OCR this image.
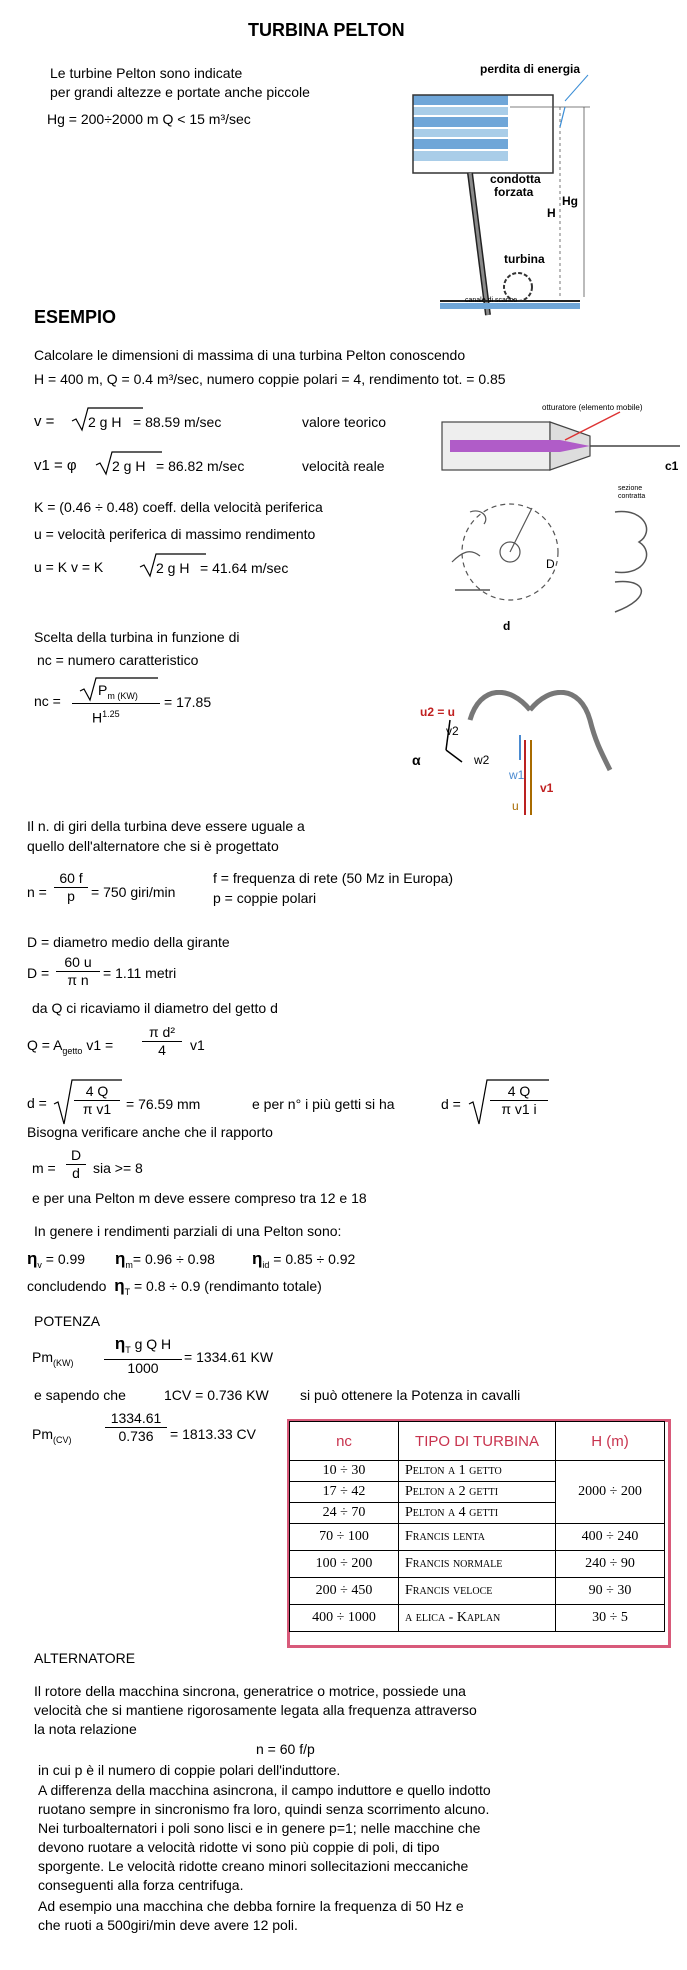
TURBINA PELTON
Le turbine Pelton sono indicate
per grandi altezze e portate anche piccole
Hg = 200÷2000 m Q < 15 m³/sec
perdita di energia
condotta
forzata
Hg
H
turbina
canale di scarico
ESEMPIO
Calcolare le dimensioni di massima di una turbina Pelton conoscendo
H = 400 m, Q = 0.4 m³/sec, numero coppie polari = 4, rendimento tot. = 0.85
v = 2 g H = 88.59 m/sec	valore teorico
v1 = φ	2 g H = 86.82 m/sec	velocità reale
K = (0.46 ÷ 0.48) coeff. della velocità periferica
u = velocità periferica di massimo rendimento
u = K v = K	2 g H = 41.64 m/sec
otturatore (elemento mobile)
c1
sezione
contratta
D
d
Scelta della turbina in funzione di
nc = numero caratteristico
nc =
$P_{m (KW)}$
$H^{1.25}$
= 17.85
u2 = u
v2
α	w2
w1
v1
u
Il n. di giri della turbina deve essere uguale a
quello dell'alternatore che si è progettato
$n = \frac{60 f}{p} = 750$ giri/min
f = frequenza di rete (50 Mz in Europa)
p = coppie polari
D = diametro medio della girante
$D = \frac{60 u}{\text{π n}} = 1.11$ metri
da Q ci ricaviamo il diametro del getto d
$Q = A_{getto}$ $v1 = \frac{\text{π d²}}{4} v1$
$d = \frac{4 Q}{\text{π v1}} = 76.59$ mm	e per n° i più getti si ha	$d = \frac{4 Q}{\text{π v1 i}}$
Bisogna verificare anche che il rapporto
$m = \frac{D}{d}$ sia >= 8
e per una Pelton m deve essere compreso tra 12 e 18
In genere i rendimenti parziali di una Pelton sono:
$\eta_v = 0.99$ $\eta_m= 0.96 \div 0.98$ $\eta_{id} = 0.85 \div 0.92$
concludendo $\eta_T = 0.8 \div 0.9$ (rendimanto totale)
POTENZA
$Pm_{(KW)} \frac{\eta_T g Q H}{1000} = 1334.61$ KW
e sapendo che	1CV = 0.736 KW si può ottenere la Potenza in cavalli
$Pm_{(CV)} \frac{1334.61}{0.736} = 1813.33$ CV	nc	TIPO DI TURBINA	H (m)
10 ÷ 30	Pelton a 1 getto	2000 ÷ 200
17 ÷ 42	Pelton a 2 getti	
24 ÷ 70	Pelton a 4 getti	
70 ÷ 100	Francis lenta	400 ÷ 240
100 ÷ 200	Francis normale	240 ÷ 90
200 ÷ 450	Francis veloce	90 ÷ 30
400 ÷ 1000	a elica - Kaplan	30 ÷ 5
ALTERNATORE
Il rotore della macchina sincrona, generatrice o motrice, possiede una
velocità che si mantiene rigorosamente legata alla frequenza attraverso
la nota relazione
n = 60 f/p
in cui p è il numero di coppie polari dell'induttore.
A differenza della macchina asincrona, il campo induttore e quello indotto
ruotano sempre in sincronismo fra loro, quindi senza scorrimento alcuno.
Nei turboalternatori i poli sono lisci e in genere p=1; nelle macchine che
devono ruotare a velocità ridotte vi sono più coppie di poli, di tipo
sporgente. Le velocità ridotte creano minori sollecitazioni meccaniche
conseguenti alla forza centrifuga.
Ad esempio una macchina che debba fornire la frequenza di 50 Hz e
che ruoti a 500giri/min deve avere 12 poli.
